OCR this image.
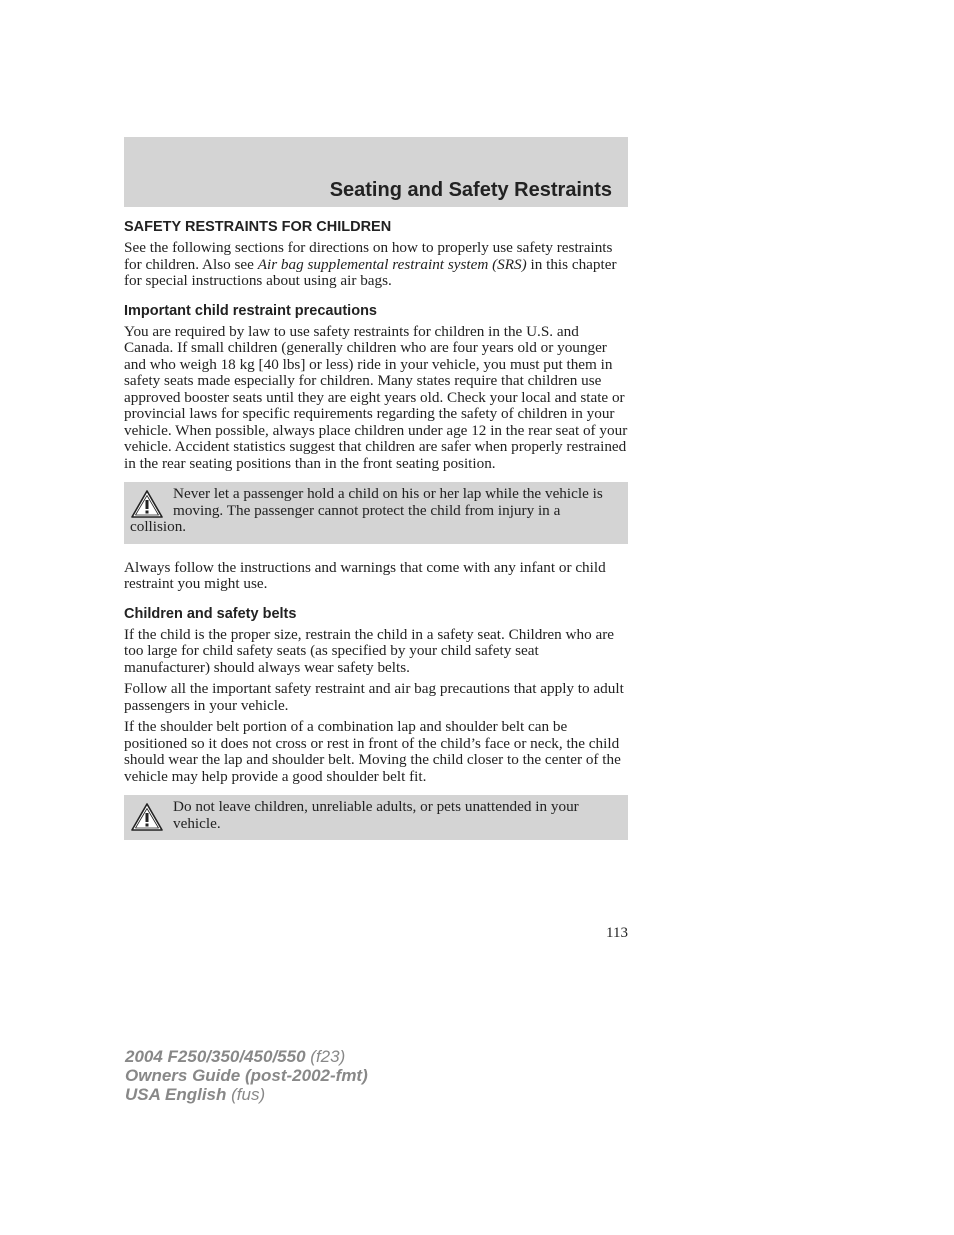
Seating and Safety Restraints
SAFETY RESTRAINTS FOR CHILDREN

See the following sections for directions on how to properly use safety restraints for children. Also see Air bag supplemental restraint system (SRS) in this chapter for special instructions about using air bags.

Important child restraint precautions

You are required by law to use safety restraints for children in the U.S. and Canada. If small children (generally children who are four years old or younger and who weigh 18 kg [40 lbs] or less) ride in your vehicle, you must put them in safety seats made especially for children. Many states require that children use approved booster seats until they are eight years old. Check your local and state or provincial laws for specific requirements regarding the safety of children in your vehicle. When possible, always place children under age 12 in the rear seat of your vehicle. Accident statistics suggest that children are safer when properly restrained in the rear seating positions than in the front seating position.

Never let a passenger hold a child on his or her lap while the vehicle is moving. The passenger cannot protect the child from injury in a collision.

Always follow the instructions and warnings that come with any infant or child restraint you might use.

Children and safety belts

If the child is the proper size, restrain the child in a safety seat. Children who are too large for child safety seats (as specified by your child safety seat manufacturer) should always wear safety belts.

Follow all the important safety restraint and air bag precautions that apply to adult passengers in your vehicle.

If the shoulder belt portion of a combination lap and shoulder belt can be positioned so it does not cross or rest in front of the child’s face or neck, the child should wear the lap and shoulder belt. Moving the child closer to the center of the vehicle may help provide a good shoulder belt fit.

Do not leave children, unreliable adults, or pets unattended in your vehicle.

113
2004 F250/350/450/550 (f23)
Owners Guide (post-2002-fmt)
USA English (fus)
